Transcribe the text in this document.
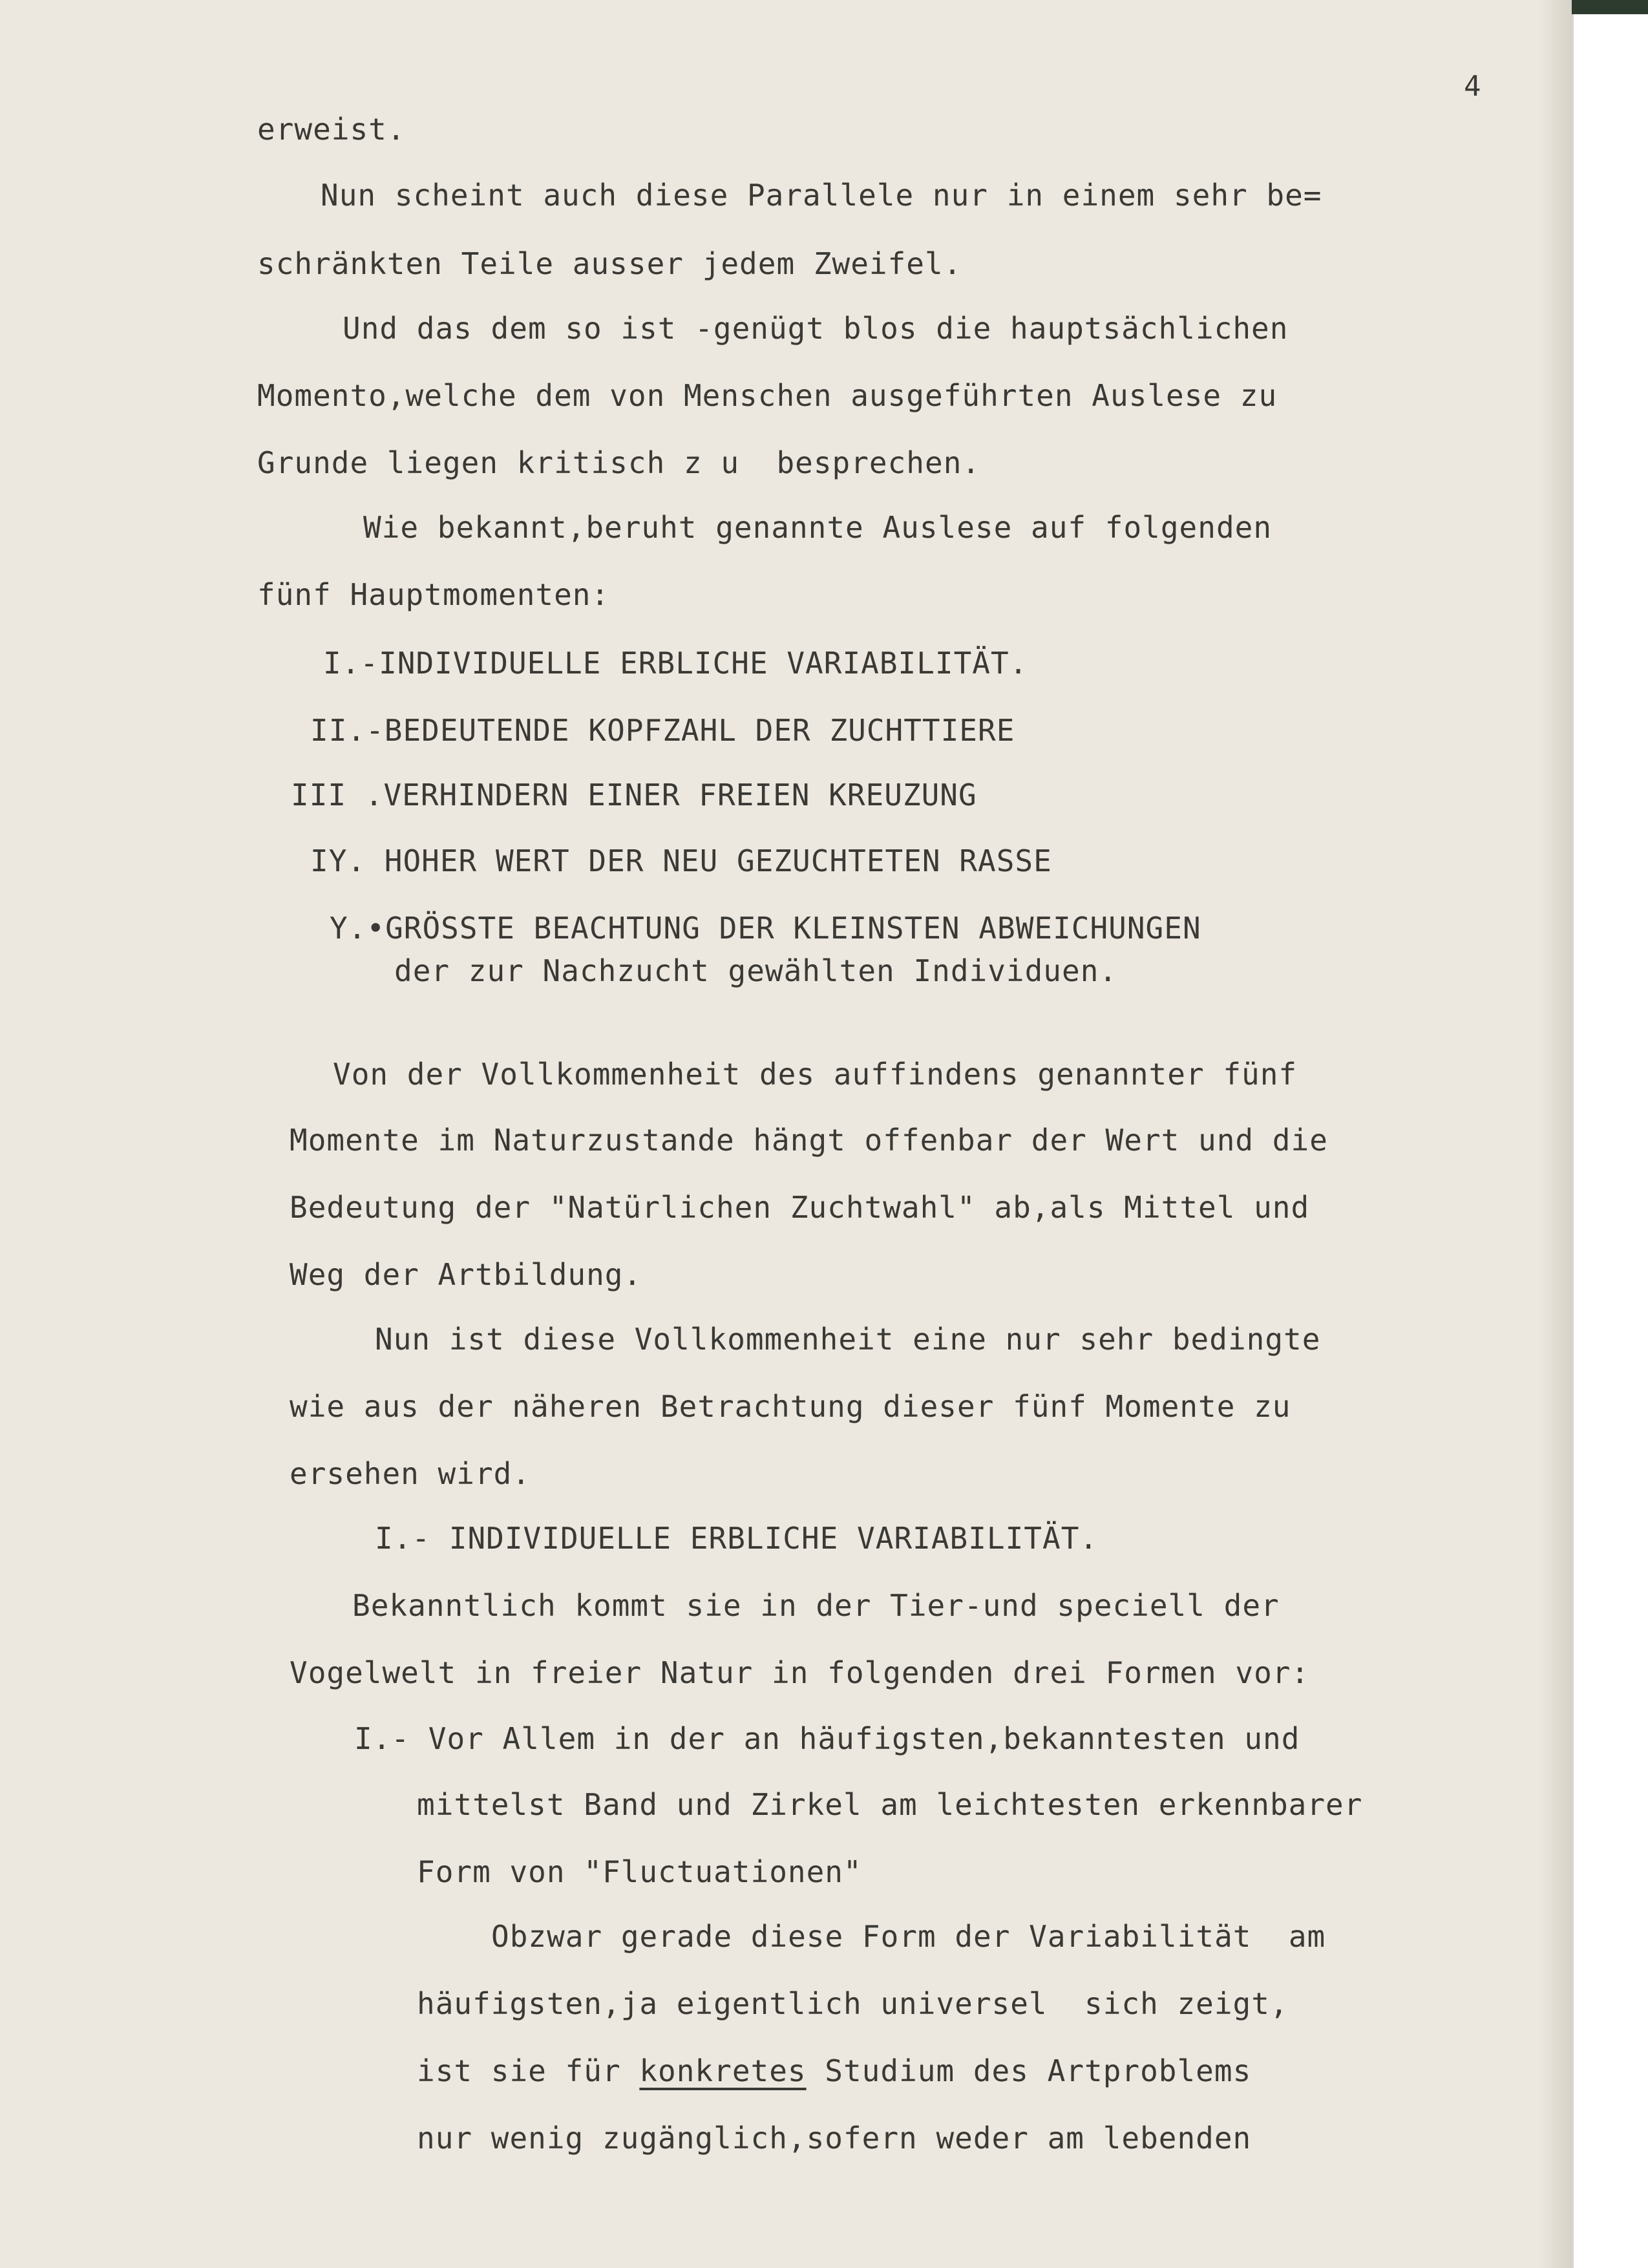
4
erweist.
Nun scheint auch diese Parallele nur in einem sehr be=
schränkten Teile ausser jedem Zweifel.
Und das dem so ist -genügt blos die hauptsächlichen
Momento,welche dem von Menschen ausgeführten Auslese zu
Grunde liegen kritisch z u  besprechen.
Wie bekannt,beruht genannte Auslese auf folgenden
fünf Hauptmomenten:
I.-INDIVIDUELLE ERBLICHE VARIABILITÄT.
II.-BEDEUTENDE KOPFZAHL DER ZUCHTTIERE
III .VERHINDERN EINER FREIEN KREUZUNG
IY. HOHER WERT DER NEU GEZUCHTETEN RASSE
Y.•GRÖSSTE BEACHTUNG DER KLEINSTEN ABWEICHUNGEN
der zur Nachzucht gewählten Individuen.
Von der Vollkommenheit des auffindens genannter fünf
Momente im Naturzustande hängt offenbar der Wert und die
Bedeutung der "Natürlichen Zuchtwahl" ab,als Mittel und
Weg der Artbildung.
Nun ist diese Vollkommenheit eine nur sehr bedingte
wie aus der näheren Betrachtung dieser fünf Momente zu
ersehen wird.
I.- INDIVIDUELLE ERBLICHE VARIABILITÄT.
Bekanntlich kommt sie in der Tier-und speciell der
Vogelwelt in freier Natur in folgenden drei Formen vor:
I.- Vor Allem in der an häufigsten,bekanntesten und
mittelst Band und Zirkel am leichtesten erkennbarer
Form von "Fluctuationen"
Obzwar gerade diese Form der Variabilität  am
häufigsten,ja eigentlich universel  sich zeigt,
ist sie für konkretes Studium des Artproblems
nur wenig zugänglich,sofern weder am lebenden
